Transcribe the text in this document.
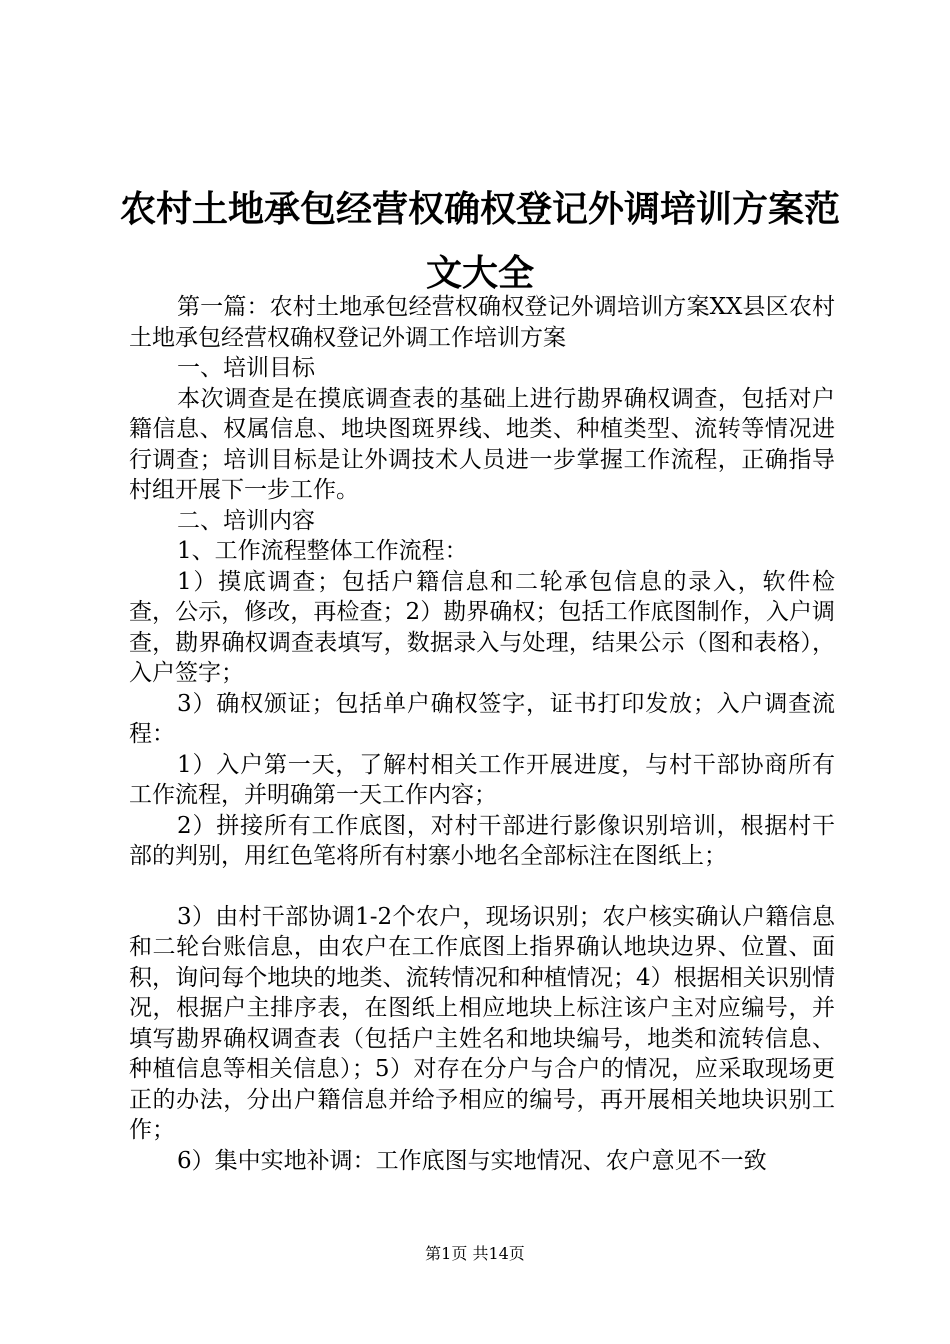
农村土地承包经营权确权登记外调培训方案范文大全

第一篇：农村土地承包经营权确权登记外调培训方案XX县区农村土地承包经营权确权登记外调工作培训方案

一、培训目标

本次调查是在摸底调查表的基础上进行勘界确权调查，包括对户籍信息、权属信息、地块图斑界线、地类、种植类型、流转等情况进行调查；培训目标是让外调技术人员进一步掌握工作流程，正确指导村组开展下一步工作。

二、培训内容

1、工作流程整体工作流程：

1）摸底调查；包括户籍信息和二轮承包信息的录入，软件检查，公示，修改，再检查；2）勘界确权；包括工作底图制作，入户调查，勘界确权调查表填写，数据录入与处理，结果公示（图和表格），入户签字；

3）确权颁证；包括单户确权签字，证书打印发放；入户调查流程：

1）入户第一天，了解村相关工作开展进度，与村干部协商所有工作流程，并明确第一天工作内容；

2）拼接所有工作底图，对村干部进行影像识别培训，根据村干部的判别，用红色笔将所有村寨小地名全部标注在图纸上；

3）由村干部协调1-2个农户，现场识别；农户核实确认户籍信息和二轮台账信息，由农户在工作底图上指界确认地块边界、位置、面积，询问每个地块的地类、流转情况和种植情况；4）根据相关识别情况，根据户主排序表，在图纸上相应地块上标注该户主对应编号，并填写勘界确权调查表（包括户主姓名和地块编号，地类和流转信息、种植信息等相关信息）；5）对存在分户与合户的情况，应采取现场更正的办法，分出户籍信息并给予相应的编号，再开展相关地块识别工作；

6）集中实地补调：工作底图与实地情况、农户意见不一致

第1页 共14页
